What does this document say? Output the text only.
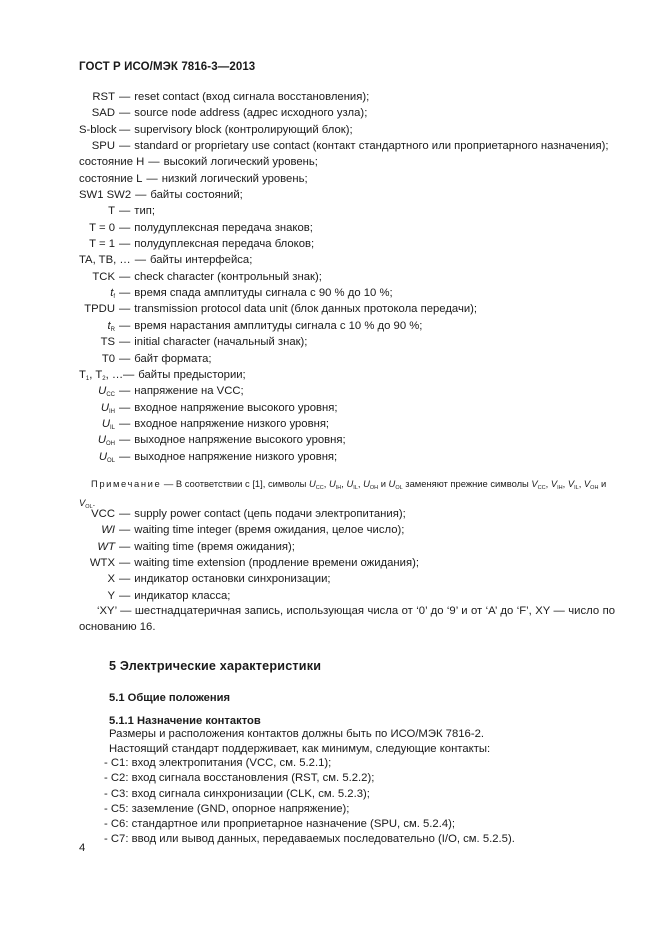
ГОСТ Р ИСО/МЭК 7816-3—2013
RST — reset contact (вход сигнала восстановления);
SAD — source node address (адрес исходного узла);
S-block — supervisory block (контролирующий блок);
SPU — standard or proprietary use contact (контакт стандартного или проприетарного назначения);
состояние H — высокий логический уровень;
состояние L — низкий логический уровень;
SW1 SW2 — байты состояний;
T — тип;
T = 0 — полудуплексная передача знаков;
T = 1 — полудуплексная передача блоков;
TA, TB, … — байты интерфейса;
TCK — check character (контрольный знак);
$t_f$ — время спада амплитуды сигнала с 90 % до 10 %;
TPDU — transmission protocol data unit (блок данных протокола передачи);
$t_R$ — время нарастания амплитуды сигнала с 10 % до 90 %;
TS — initial character (начальный знак);
T0 — байт формата;
$T_1$, $T_2$, … — байты предыстории;
$U_{CC}$ — напряжение на VCC;
$U_{IH}$ — входное напряжение высокого уровня;
$U_{IL}$ — входное напряжение низкого уровня;
$U_{OH}$ — выходное напряжение высокого уровня;
$U_{OL}$ — выходное напряжение низкого уровня;
Примечание — В соответствии с [1], символы $U_{CC}$, $U_{IH}$, $U_{IL}$, $U_{OH}$ и $U_{OL}$ заменяют прежние символы $V_{CC}$, $V_{IH}$, $V_{IL}$, $V_{OH}$ и $V_{OL}$.
VCC — supply power contact (цепь подачи электропитания);
WI — waiting time integer (время ожидания, целое число);
WT — waiting time (время ожидания);
WTX — waiting time extension (продление времени ожидания);
X — индикатор остановки синхронизации;
Y — индикатор класса;
‘XY’ — шестнадцатеричная запись, использующая числа от ‘0’ до ‘9’ и от ‘A’ до ‘F’, XY — число по основанию 16.
5 Электрические характеристики
5.1 Общие положения
5.1.1 Назначение контактов
Размеры и расположения контактов должны быть по ИСО/МЭК 7816-2.
Настоящий стандарт поддерживает, как минимум, следующие контакты:
- C1: вход электропитания (VCC, см. 5.2.1);
- C2: вход сигнала восстановления (RST, см. 5.2.2);
- C3: вход сигнала синхронизации (CLK, см. 5.2.3);
- C5: заземление (GND, опорное напряжение);
- C6: стандартное или проприетарное назначение (SPU, см. 5.2.4);
- C7: ввод или вывод данных, передаваемых последовательно (I/O, см. 5.2.5).
4
